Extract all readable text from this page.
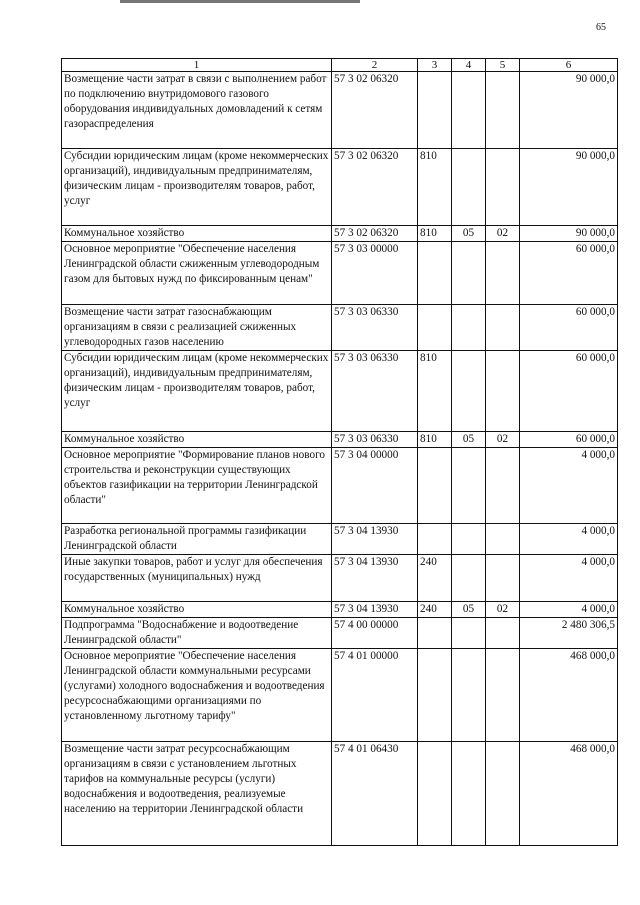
65
1	2	3	4	5	6
Возмещение части затрат в связи с выполнением работ по подключению внутридомового газового оборудования индивидуальных домовладений к сетям газораспределения	57 3 02 06320				90 000,0
Субсидии юридическим лицам (кроме некоммерческих организаций), индивидуальным предпринимателям, физическим лицам - производителям товаров, работ, услуг	57 3 02 06320	810			90 000,0
Коммунальное хозяйство	57 3 02 06320	810	05	02	90 000,0
Основное мероприятие "Обеспечение населения Ленинградской области сжиженным углеводородным газом для бытовых нужд по фиксированным ценам"	57 3 03 00000				60 000,0
Возмещение части затрат газоснабжающим организациям в связи с реализацией сжиженных углеводородных газов населению	57 3 03 06330				60 000,0
Субсидии юридическим лицам (кроме некоммерческих организаций), индивидуальным предпринимателям, физическим лицам - производителям товаров, работ, услуг	57 3 03 06330	810			60 000,0
Коммунальное хозяйство	57 3 03 06330	810	05	02	60 000,0
Основное мероприятие "Формирование планов нового строительства и реконструкции существующих объектов газификации на территории Ленинградской области"	57 3 04 00000				4 000,0
Разработка региональной программы газификации Ленинградской области	57 3 04 13930				4 000,0
Иные закупки товаров, работ и услуг для обеспечения государственных (муниципальных) нужд	57 3 04 13930	240			4 000,0
Коммунальное хозяйство	57 3 04 13930	240	05	02	4 000,0
Подпрограмма "Водоснабжение и водоотведение Ленинградской области"	57 4 00 00000				2 480 306,5
Основное мероприятие "Обеспечение населения Ленинградской области коммунальными ресурсами (услугами) холодного водоснабжения и водоотведения ресурсоснабжающими организациями по установленному льготному тарифу"	57 4 01 00000				468 000,0
Возмещение части затрат ресурсоснабжающим организациям в связи с установлением льготных тарифов на коммунальные ресурсы (услуги) водоснабжения и водоотведения, реализуемые населению на территории Ленинградской области	57 4 01 06430				468 000,0
